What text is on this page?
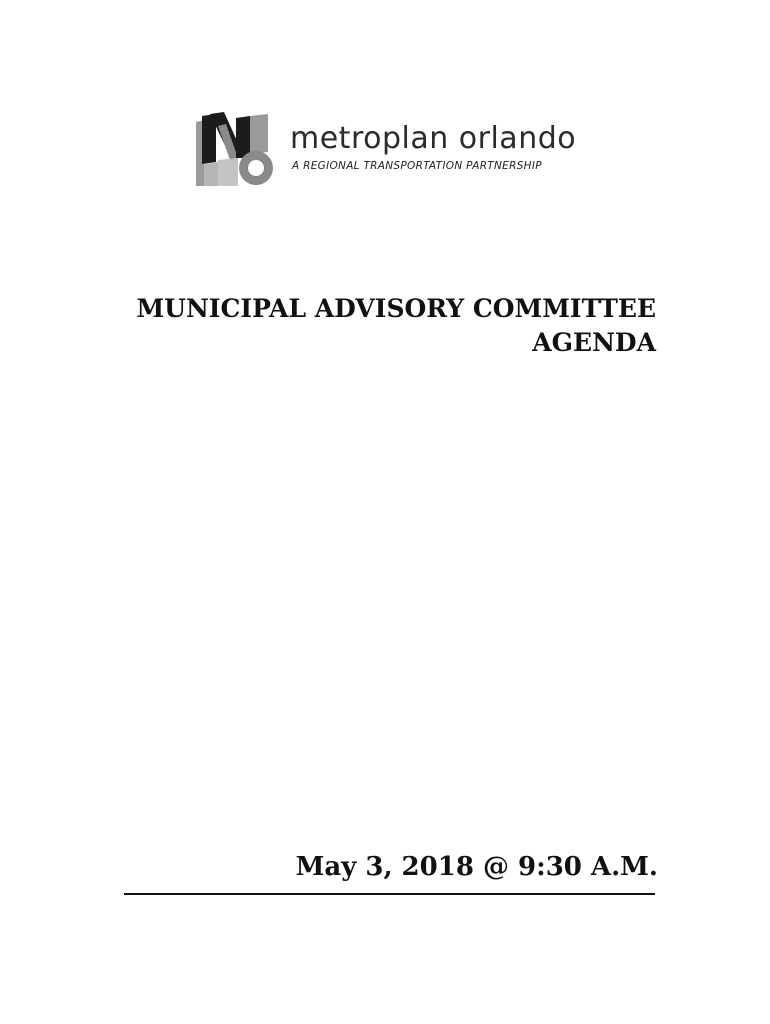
metroplan orlando
A REGIONAL TRANSPORTATION PARTNERSHIP
MUNICIPAL ADVISORY COMMITTEE
AGENDA
May 3, 2018 @ 9:30 A.M.
